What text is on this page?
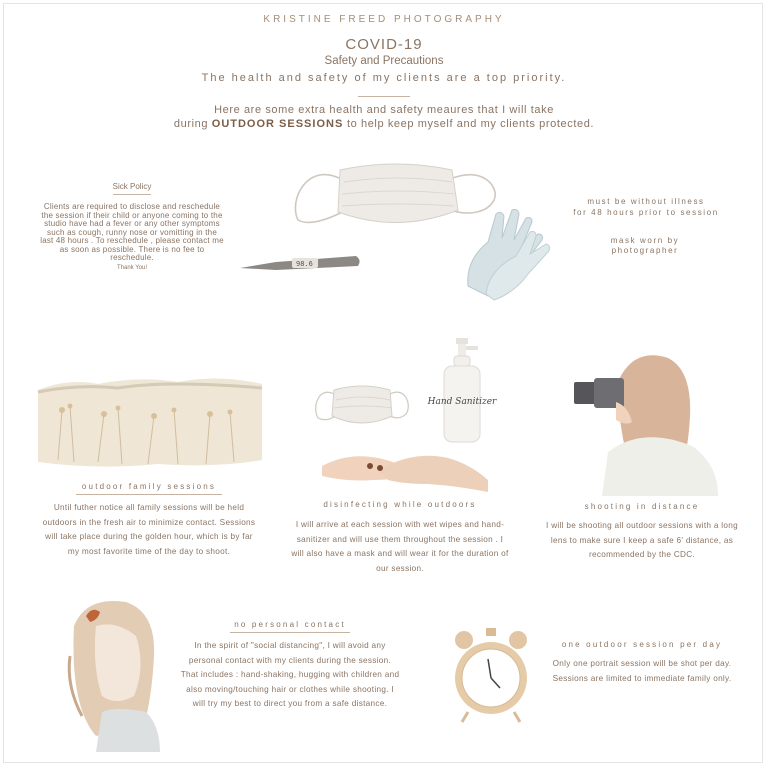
KRISTINE FREED PHOTOGRAPHY
COVID-19
Safety and Precautions
The health and safety of my clients are a top priority.
Here are some extra health and safety meaures that I will take
during OUTDOOR SESSIONS to help keep myself and my clients protected.
Sick Policy
Clients are required to disclose and reschedule the session if their child or anyone coming to the studio have had a fever or any other symptoms such as cough, runny nose or vomitting in the last 48 hours . To reschedule , please contact me as soon as possible. There is no fee to reschedule.
Thank You!	98.6
must be without illness
for 48 hours prior to session
mask worn by
photographer
Hand Sanitizer
outdoor family sessions
Until futher notice all family sessions will be held outdoors in the fresh air to minimize contact. Sessions will take place during the golden hour, which is by far my most favorite time of the day to shoot.
disinfecting while outdoors
I will arrive at each session with wet wipes and hand-sanitizer and will use them throughout the session . I will also have a mask and will wear it for the duration of our session.
shooting in distance
I will be shooting all outdoor sessions with a long lens to make sure I keep a safe 6' distance, as recommended by the CDC.
no personal contact
In the spirit of "social distancing", I will avoid any personal contact with my clients during the session. That includes : hand-shaking, hugging with children and also moving/touching hair or clothes while shooting. I will try my best to direct you from a safe distance.
one outdoor session per day
Only one portrait session will be shot per day. Sessions are limited to immediate family only.
